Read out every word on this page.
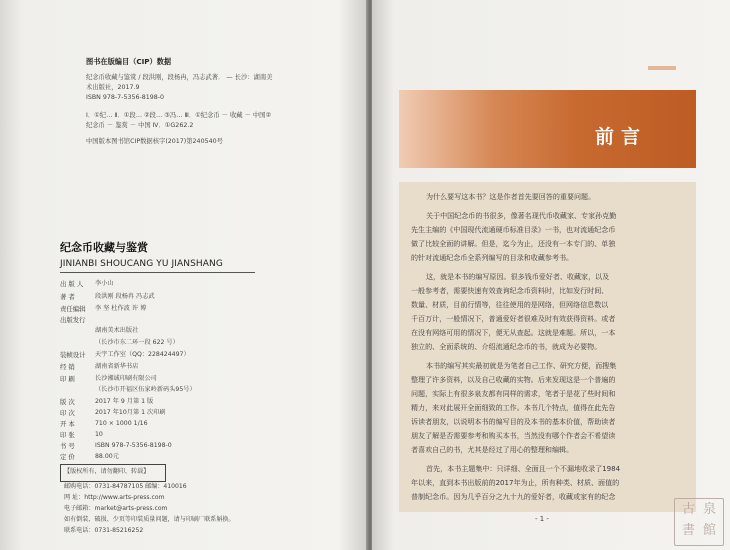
图书在版编目（CIP）数据
纪念币收藏与鉴赏 / 段洪刚，段杨冉，冯志武著． — 长沙：湖南美
术出版社，2017.9
ISBN 978-7-5356-8198-0
Ⅰ．①纪… Ⅱ．①段… ②段… ③冯… Ⅲ．①纪念币 － 收藏 － 中国②
纪念币 － 鉴赏 － 中国 Ⅳ．①G262.2
中国版本图书馆CIP数据核字(2017)第240540号
纪念币收藏与鉴赏
JINIANBI SHOUCANG YU JIANSHANG
出 版 人 李小山
著 者	段洪刚 段杨冉 冯志武
责任编辑 李 坚 杜作波 许 博
出版发行
湖南美术出版社
（长沙市东二环一段 622 号）
装帧设计 天宇工作室（QQ：228424497）
经 销	湖南省新华书店
印 刷	长沙湘诚印刷有限公司
（长沙市开福区伍家岭新码头95号）
版 次	2017 年 9 月第 1 版
印 次	2017 年10月第 1 次印刷
开 本	710 × 1000 1/16
印 张	10
书 号	ISBN 978-7-5356-8198-0
定 价	88.00元
【版权所有，请勿翻印、转载】
邮购电话：0731-84787105 邮编：410016
网 址：http://www.arts-press.com
电子邮箱：market@arts-press.com
如有倒装、破损、少页等印装质量问题，请与印刷厂联系斛换。
联系电话：0731-85216252
前言
为什么要写这本书？这是作者首先要回答的重要问题。
关于中国纪念币的书很多，像著名现代币收藏家、专家孙克勤
先生主编的《中国现代流通硬币标准目录》一书，也对流通纪念币
做了比较全面的讲解。但是，迄今为止，还没有一本专门的、单独
的针对流通纪念币全系列编写的目录和收藏参考书。
这，就是本书的编写原因。很多钱币爱好者、收藏家，以及
一般参考者，需要快速有效查询纪念币资料时，比如发行时间、
数量、材质，目前行情等，往往使用的是网络，但网络信息数以
千百万计，一般情况下，普通爱好者很难及时有效获得资料。或者
在没有网络可用的情况下，便无从查起。这就是难题。所以，一本
独立的、全面系统的、介绍流通纪念币的书，就成为必要物。
本书的编写其实最初就是为笔者自己工作、研究方便，而搜集
整理了许多资料，以及自己收藏的实物。后来发现这是一个普遍的
问题，实际上有很多泉友都有同样的需求，笔者于是花了些时间和
精力，来对此展开全面细致的工作。本书几个特点，值得在此先告
诉读者朋友，以说明本书的编写目的及本书的基本价值，帮助读者
朋友了解是否需要参考和购买本书，当然没有哪个作者会不希望读
者喜欢自己的书，尤其是经过了用心的整理和编辑。
首先，本书主题集中：只详细、全面且一个不漏地收录了1984
年以来，直到本书出版前的2017年为止，所有种类、材质、面值的
普制纪念币。因为几乎百分之九十九的爱好者，收藏或家有的纪念
- 1 -
古 泉
書 館
